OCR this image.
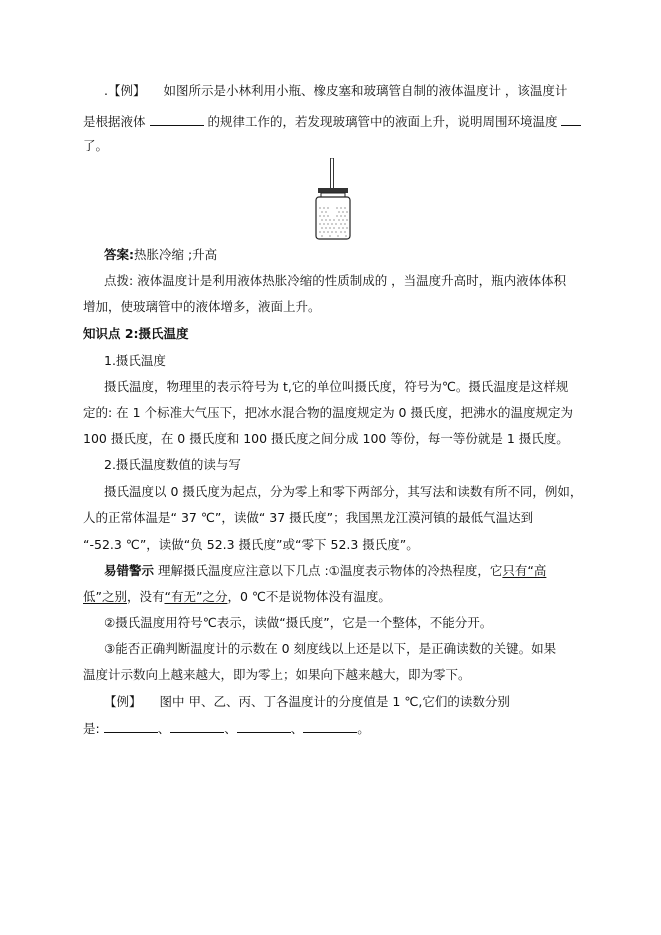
.【例】 如图所示是小林利用小瓶、橡皮塞和玻璃管自制的液体温度计 ，该温度计
是根据液体	的规律工作的，若发现玻璃管中的液面上升，说明周围环境温度
了。
答案:热胀冷缩 ;升高
点拨: 液体温度计是利用液体热胀冷缩的性质制成的 ，当温度升高时，瓶内液体体积
增加，使玻璃管中的液体增多，液面上升。
知识点 2:摄氏温度
1.摄氏温度
摄氏温度，物理里的表示符号为 t,它的单位叫摄氏度，符号为℃。摄氏温度是这样规
定的: 在 1 个标准大气压下，把冰水混合物的温度规定为 0 摄氏度，把沸水的温度规定为
100 摄氏度，在 0 摄氏度和 100 摄氏度之间分成 100 等份，每一等份就是 1 摄氏度。
2.摄氏温度数值的读与写
摄氏温度以 0 摄氏度为起点，分为零上和零下两部分，其写法和读数有所不同，例如，
人的正常体温是“ 37 ℃”，读做“ 37 摄氏度”；我国黑龙江漠河镇的最低气温达到
“-52.3 ℃”，读做“负 52.3 摄氏度”或“零下 52.3 摄氏度”。
易错警示 理解摄氏温度应注意以下几点 :①温度表示物体的冷热程度，它只有“高
低”之别，没有“有无”之分，0 ℃不是说物体没有温度。
②摄氏温度用符号℃表示，读做“摄氏度”，它是一个整体，不能分开。
③能否正确判断温度计的示数在 0 刻度线以上还是以下，是正确读数的关键。如果
温度计示数向上越来越大，即为零上；如果向下越来越大，即为零下。
【例】 图中 甲、乙、丙、丁各温度计的分度值是 1 ℃,它们的读数分别
是:	、	、	、	。
